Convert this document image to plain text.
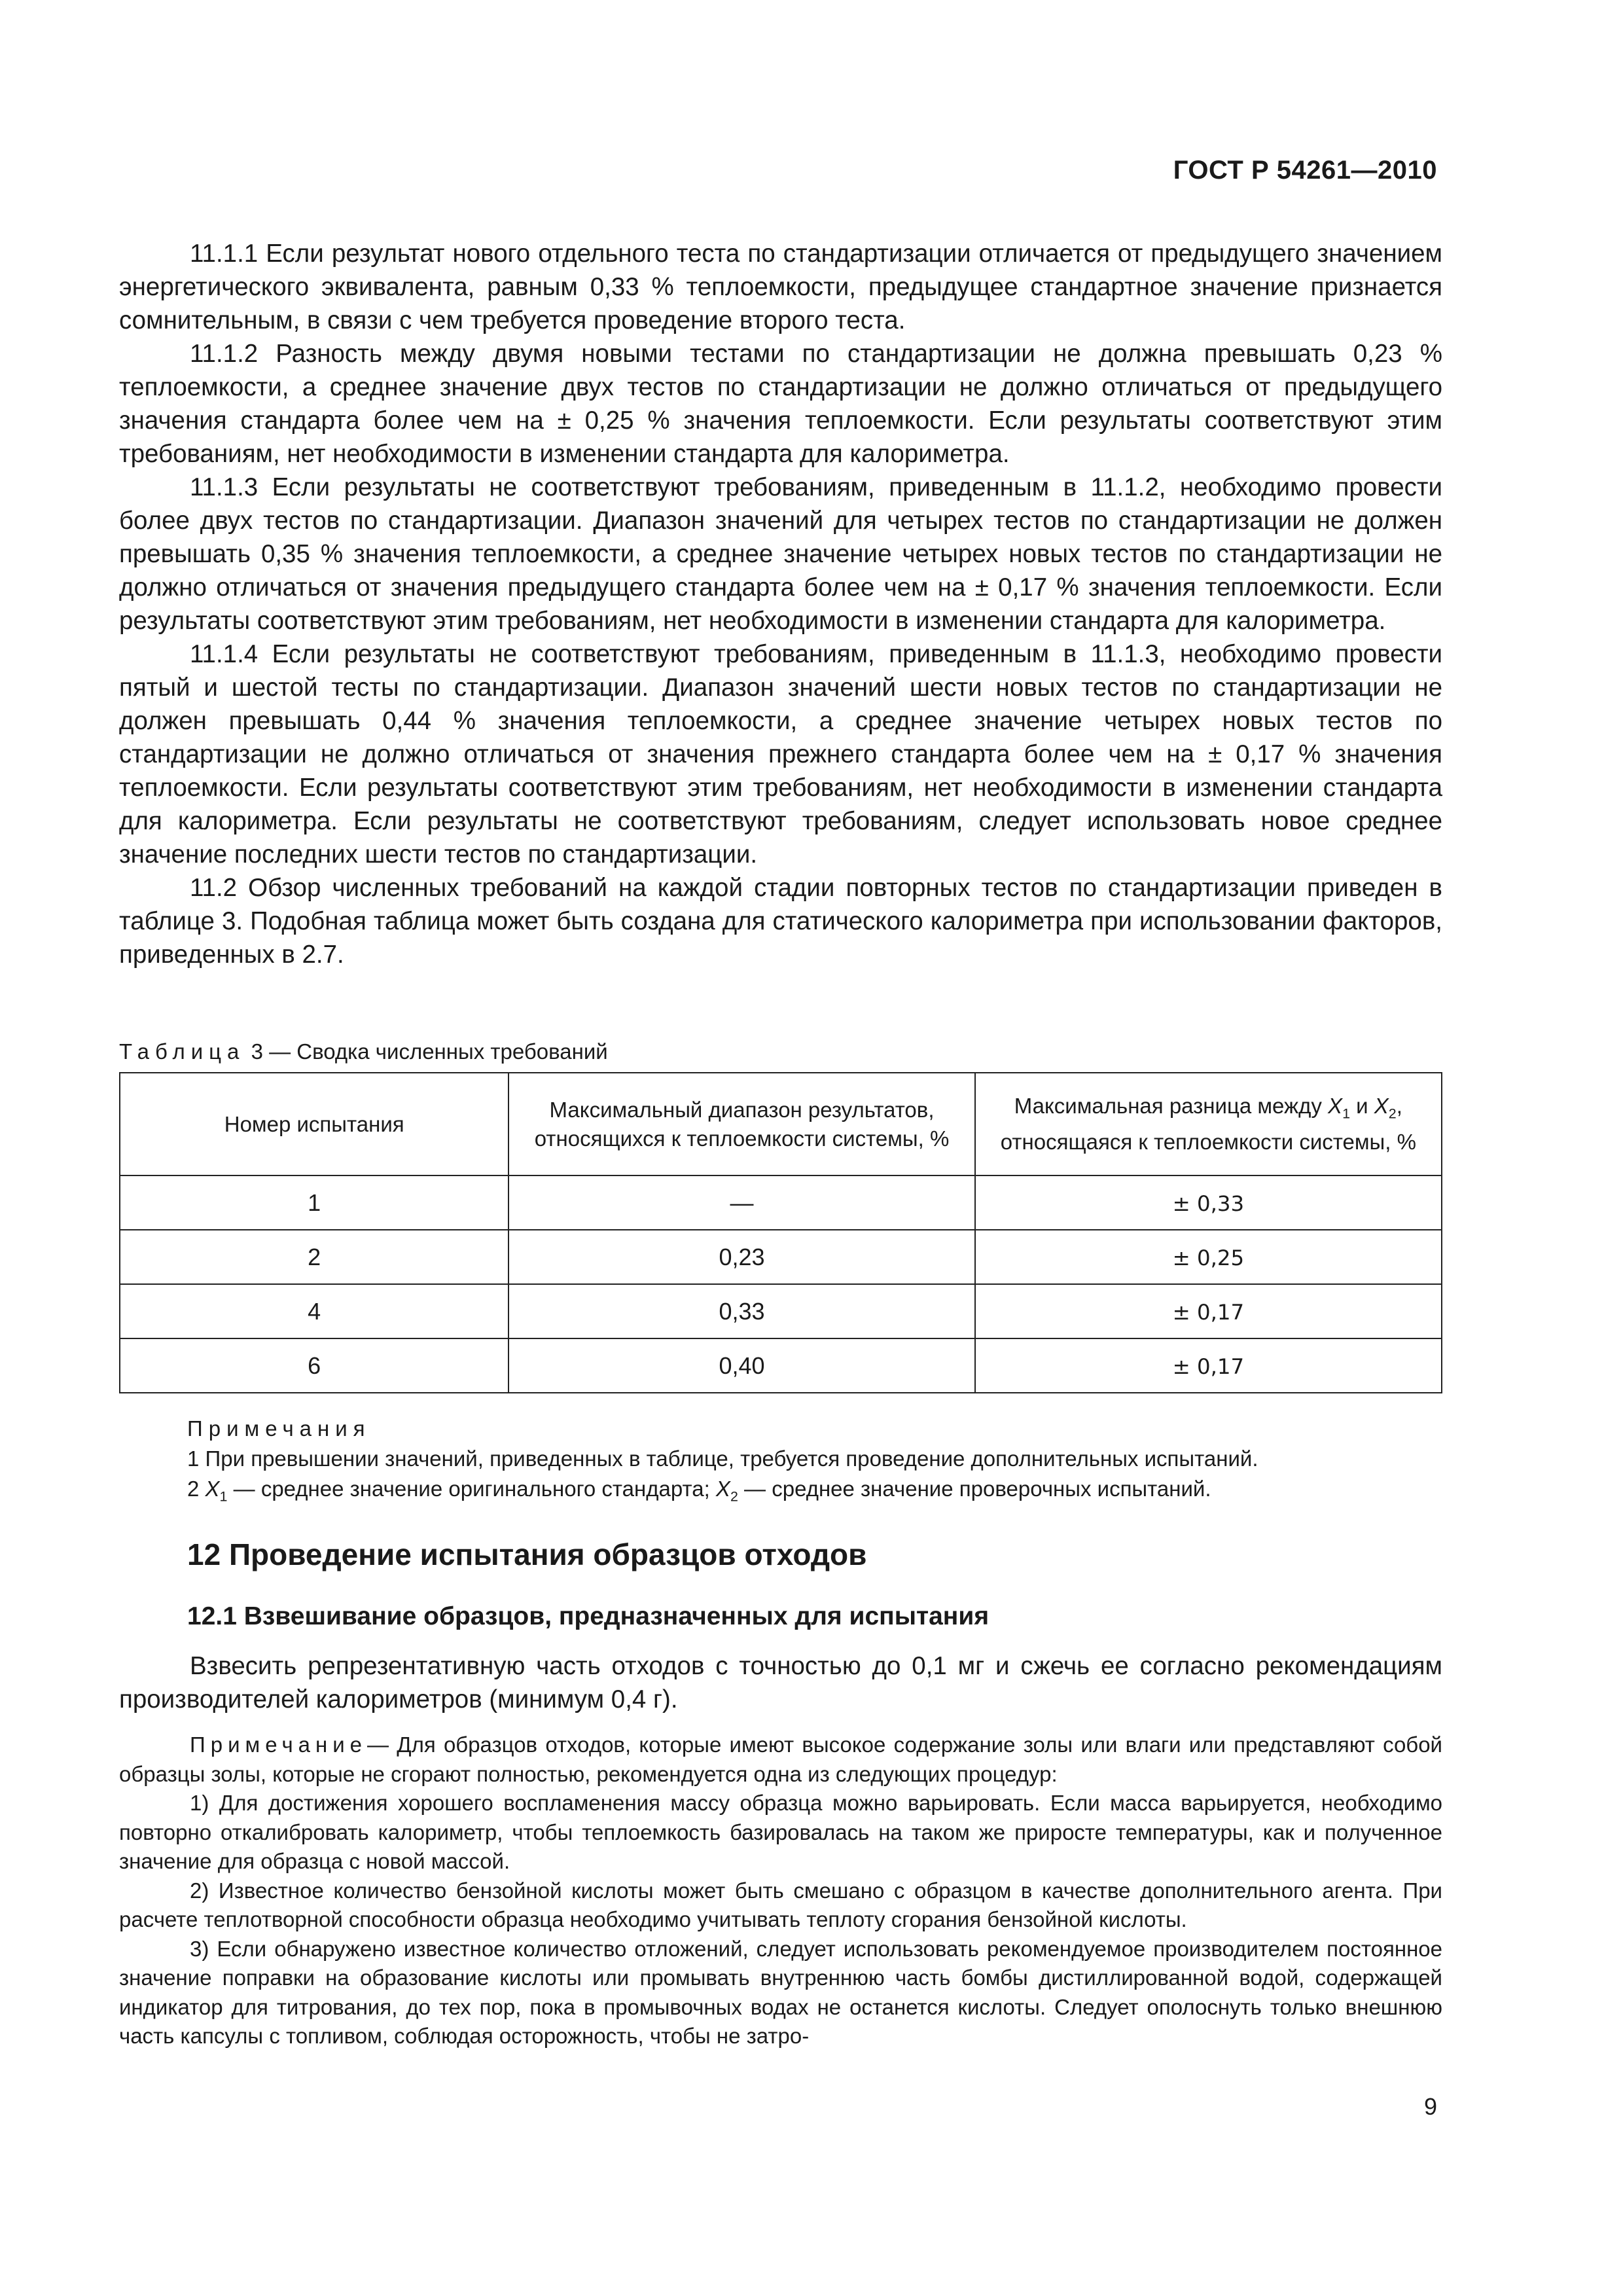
ГОСТ Р 54261—2010

11.1.1 Если результат нового отдельного теста по стандартизации отличается от предыдущего значением энергетического эквивалента, равным 0,33 % теплоемкости, предыдущее стандартное значение признается сомнительным, в связи с чем требуется проведение второго теста.

11.1.2 Разность между двумя новыми тестами по стандартизации не должна превышать 0,23 % теплоемкости, а среднее значение двух тестов по стандартизации не должно отличаться от предыдущего значения стандарта более чем на ± 0,25 % значения теплоемкости. Если результаты соответствуют этим требованиям, нет необходимости в изменении стандарта для калориметра.

11.1.3 Если результаты не соответствуют требованиям, приведенным в 11.1.2, необходимо провести более двух тестов по стандартизации. Диапазон значений для четырех тестов по стандартизации не должен превышать 0,35 % значения теплоемкости, а среднее значение четырех новых тестов по стандартизации не должно отличаться от значения предыдущего стандарта более чем на ± 0,17 % значения теплоемкости. Если результаты соответствуют этим требованиям, нет необходимости в изменении стандарта для калориметра.

11.1.4 Если результаты не соответствуют требованиям, приведенным в 11.1.3, необходимо провести пятый и шестой тесты по стандартизации. Диапазон значений шести новых тестов по стандартизации не должен превышать 0,44 % значения теплоемкости, а среднее значение четырех новых тестов по стандартизации не должно отличаться от значения прежнего стандарта более чем на ± 0,17 % значения теплоемкости. Если результаты соответствуют этим требованиям, нет необходимости в изменении стандарта для калориметра. Если результаты не соответствуют требованиям, следует использовать новое среднее значение последних шести тестов по стандартизации.

11.2 Обзор численных требований на каждой стадии повторных тестов по стандартизации приведен в таблице 3. Подобная таблица может быть создана для статического калориметра при использовании факторов, приведенных в 2.7.

Таблица 3 — Сводка численных требований
Номер испытания	Максимальный диапазон результатов,
относящихся к теплоемкости системы, %	Максимальная разница между $X_1$ и $X_2$,
относящаяся к теплоемкости системы, %
1	—	± 0,33
2	0,23	± 0,25
4	0,33	± 0,17
6	0,40	± 0,17
Примечания
1 При превышении значений, приведенных в таблице, требуется проведение дополнительных испытаний.
2 $X_1$ — среднее значение оригинального стандарта; $X_2$ — среднее значение проверочных испытаний.
12 Проведение испытания образцов отходов
12.1 Взвешивание образцов, предназначенных для испытания

Взвесить репрезентативную часть отходов с точностью до 0,1 мг и сжечь ее согласно рекомендациям производителей калориметров (минимум 0,4 г).

Примечание— Для образцов отходов, которые имеют высокое содержание золы или влаги или представляют собой образцы золы, которые не сгорают полностью, рекомендуется одна из следующих процедур:

1) Для достижения хорошего воспламенения массу образца можно варьировать. Если масса варьируется, необходимо повторно откалибровать калориметр, чтобы теплоемкость базировалась на таком же приросте температуры, как и полученное значение для образца с новой массой.

2) Известное количество бензойной кислоты может быть смешано с образцом в качестве дополнительного агента. При расчете теплотворной способности образца необходимо учитывать теплоту сгорания бензойной кислоты.

3) Если обнаружено известное количество отложений, следует использовать рекомендуемое производителем постоянное значение поправки на образование кислоты или промывать внутреннюю часть бомбы дистиллированной водой, содержащей индикатор для титрования, до тех пор, пока в промывочных водах не останется кислоты. Следует ополоснуть только внешнюю часть капсулы с топливом, соблюдая осторожность, чтобы не затро-

9
